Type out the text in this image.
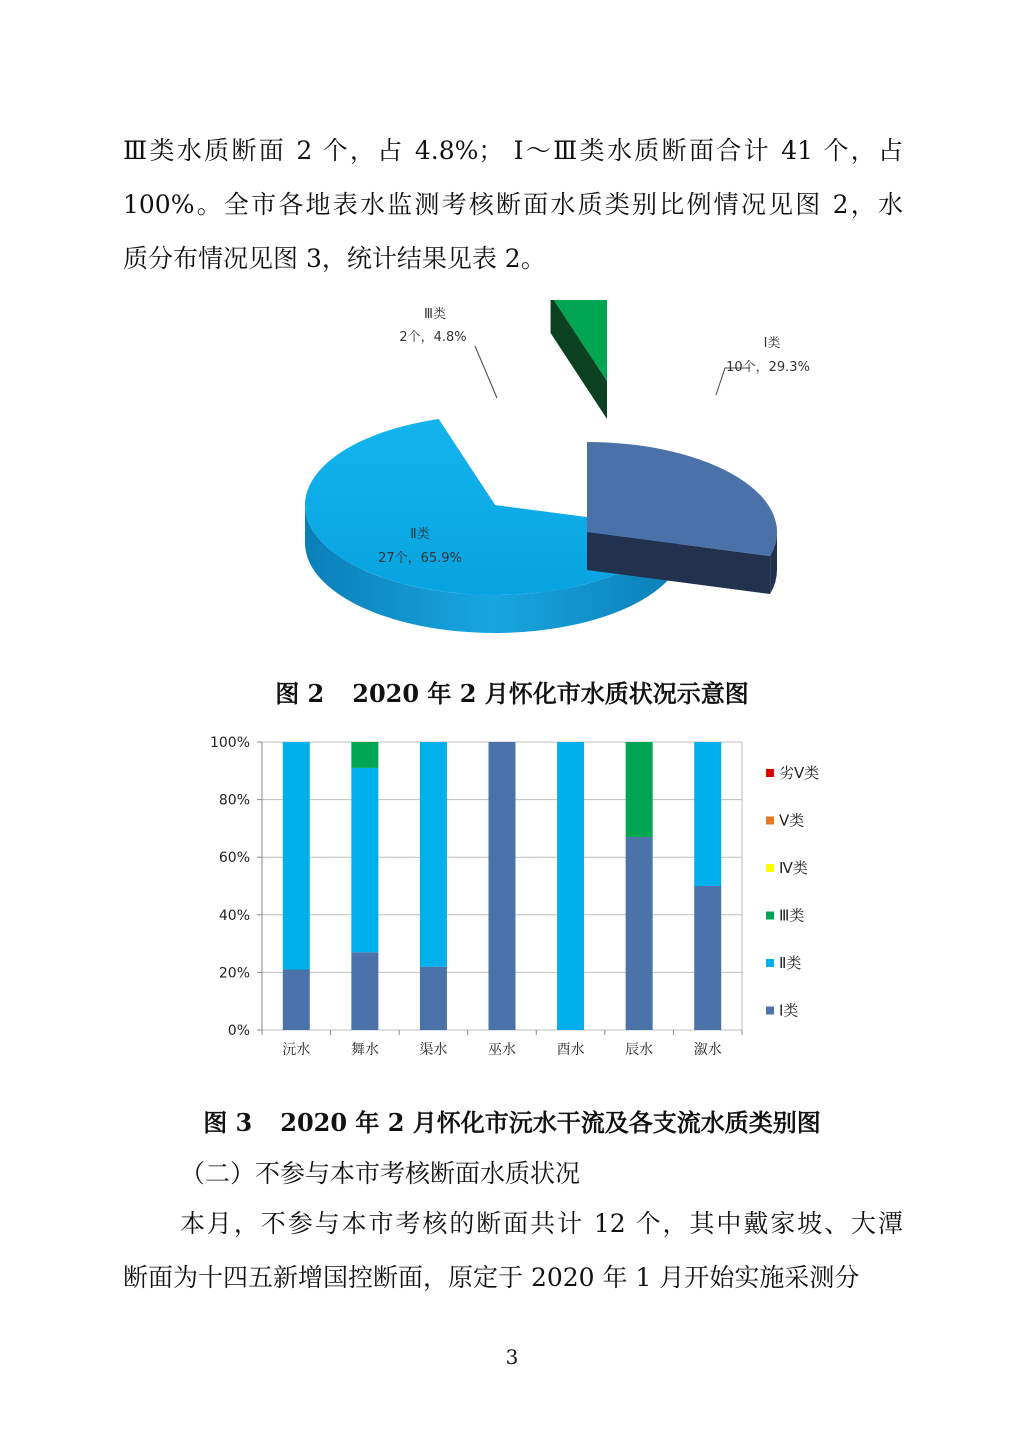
Ⅲ类水质断面 2 个，占 4.8%； Ⅰ～Ⅲ类水质断面合计 41 个，占
100%。全市各地表水监测考核断面水质类别比例情况见图 2，水
质分布情况见图 3，统计结果见表 2。
Ⅰ类
10个，29.3%
Ⅲ类
2个，4.8%
Ⅱ类
27个，65.9%
图 2 2020 年 2 月怀化市水质状况示意图
0%
20%
40%
60%
80%
100%
沅水	舞水	渠水	巫水	酉水	辰水	溆水
劣Ⅴ类
Ⅴ类
Ⅳ类
Ⅲ类
Ⅱ类
Ⅰ类
图 3 2020 年 2 月怀化市沅水干流及各支流水质类别图

（二）不参与本市考核断面水质状况

本月，不参与本市考核的断面共计 12 个，其中戴家坡、大潭
断面为十四五新增国控断面，原定于 2020 年 1 月开始实施采测分
3
